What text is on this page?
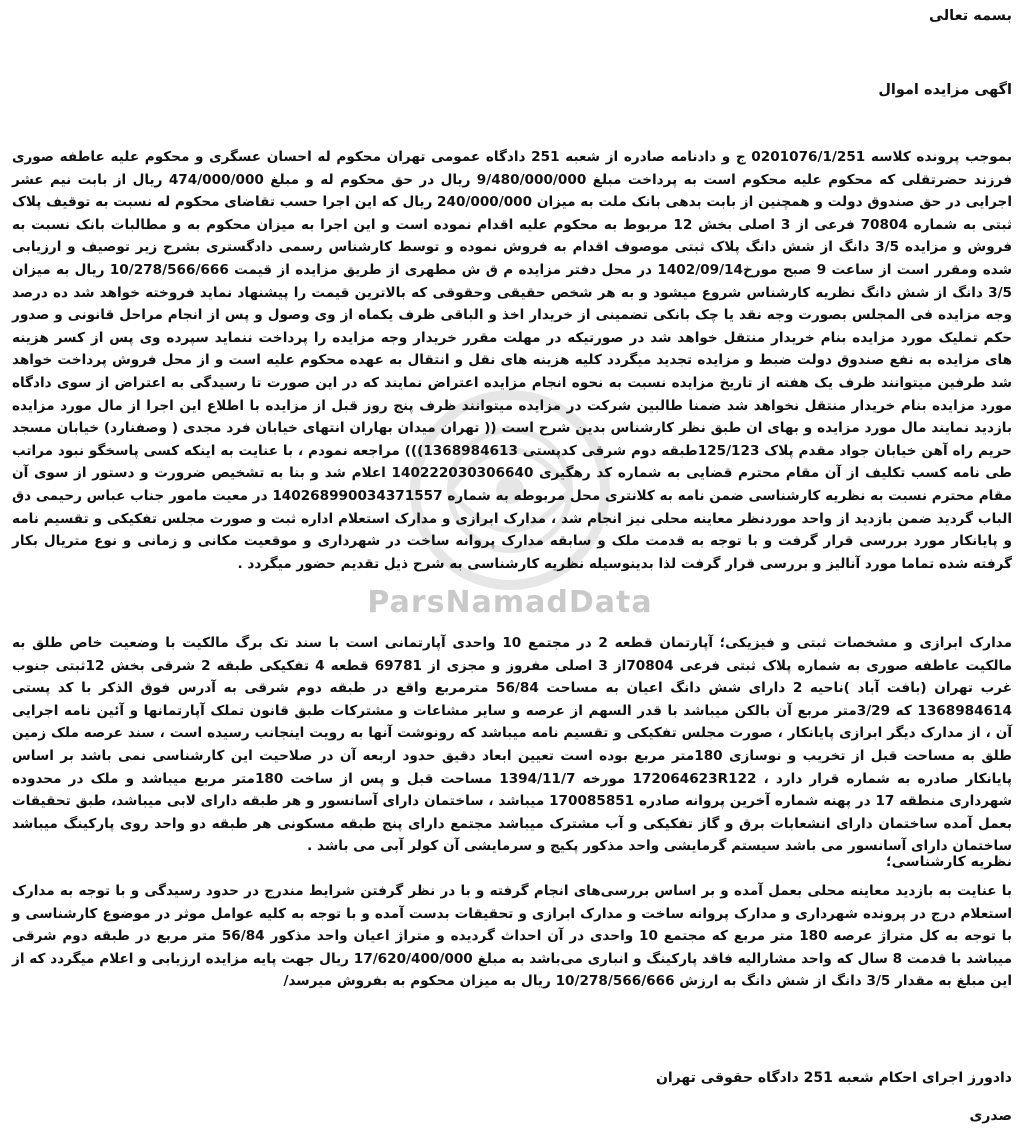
ParsNamadData
بسمه تعالی
اگهی مزایده اموال
بموجب پرونده کلاسه 0201076/1/251 ج و دادنامه صادره از شعبه 251 دادگاه عمومی تهران محکوم له احسان عسگری و محکوم علیه عاطفه صوری فرزند حضرتقلی که محکوم علیه محکوم است به پرداخت مبلغ 9/480/000/000 ریال در حق محکوم له و مبلغ 474/000/000 ریال از بابت نیم عشر اجرایی در حق صندوق دولت و همچنین از بابت بدهی بانک ملت به میزان 240/000/000 ریال که این اجرا حسب تقاضای محکوم له نسبت به توقیف پلاک ثبتی به شماره 70804 فرعی از 3 اصلی بخش 12 مربوط به محکوم علیه اقدام نموده است و این اجرا به میزان محکوم به و مطالبات بانک نسبت به فروش و مزایده 3/5 دانگ از شش دانگ پلاک ثبتی موصوف اقدام به فروش نموده و توسط کارشناس رسمی دادگستری بشرح زیر توصیف و ارزیابی شده ومقرر است از ساعت 9 صبح مورخ1402/09/14 در محل دفتر مزایده م ق ش مطهری از طریق مزایده از قیمت 10/278/566/666 ریال به میزان 3/5 دانگ از شش دانگ نظریه کارشناس شروع میشود و به هر شخص حقیقی وحقوقی که بالاترین قیمت را پیشنهاد نماید فروخته خواهد شد ده درصد وجه مزایده فی المجلس بصورت وجه نقد یا چک بانکی تضمینی از خریدار اخذ و الباقی ظرف یکماه از وی وصول و پس از انجام مراحل قانونی و صدور حکم تملیک مورد مزایده بنام خریدار منتقل خواهد شد در صورتیکه در مهلت مقرر خریدار وجه مزایده را پرداخت ننماید سپرده وی پس از کسر هزینه های مزایده به نفع صندوق دولت ضبط و مزایده تجدید میگردد کلیه هزینه های نقل و انتقال به عهده محکوم علیه است و از محل فروش پرداخت خواهد شد طرفین میتوانند ظرف یک هفته از تاریخ مزایده نسبت به نحوه انجام مزایده اعتراض نمایند که در این صورت تا رسیدگی به اعتراض از سوی دادگاه مورد مزایده بنام خریدار منتقل نخواهد شد ضمنا طالبین شرکت در مزایده میتوانند ظرف پنج روز قبل از مزایده با اطلاع این اجرا از مال مورد مزایده بازدید نمایند مال مورد مزایده و بهای ان طبق نظر کارشناس بدین شرح است (( تهران میدان بهاران انتهای خیابان فرد مجدی ( وصفنارد) خیابان مسجد حریم راه آهن خیابان جواد مقدم پلاک 125/123طبقه دوم شرقی کدپستی 1368984613))) مراجعه نمودم ، با عنایت به اینکه کسی پاسخگو نبود مراتب طی نامه کسب تکلیف از آن مقام محترم قضایی به شماره کد رهگیری 140222030306640 اعلام شد و بنا به تشخیص ضرورت و دستور از سوی آن مقام محترم نسبت به نظریه کارشناسی ضمن نامه به کلانتری محل مربوطه به شماره 140268990034371557 در معیت مامور جناب عباس رحیمی دق الباب گردید ضمن بازدید از واحد موردنظر معاینه محلی نیز انجام شد ، مدارک ابرازی و مدارک استعلام اداره ثبت و صورت مجلس تفکیکی و تقسیم نامه و پایانکار مورد بررسی قرار گرفت و با توجه به قدمت ملک و سابقه مدارک پروانه ساخت در شهرداری و موقعیت مکانی و زمانی و نوع متریال بکار گرفته شده تماما مورد آنالیز و بررسی قرار گرفت لذا بدینوسیله نظریه کارشناسی به شرح ذیل تقدیم حضور میگردد .
مدارک ابرازی و مشخصات ثبتی و فیزیکی؛ آپارتمان قطعه 2 در مجتمع 10 واحدی آپارتمانی است با سند تک برگ مالکیت با وضعیت خاص طلق به مالکیت عاطفه صوری به شماره پلاک ثبتی فرعی 70804از 3 اصلی مفروز و مجزی از 69781 قطعه 4 تفکیکی طبقه 2 شرقی بخش 12ثبتی جنوب غرب تهران (بافت آباد )ناحیه 2 دارای شش دانگ اعیان به مساحت 56/84 مترمربع واقع در طبقه دوم شرقی به آدرس فوق الذکر با کد پستی 1368984614 که 3/29متر مربع آن بالکن میباشد با قدر السهم از عرصه و سایر مشاعات و مشترکات طبق قانون تملک آپارتمانها و آئین نامه اجرایی آن ، از مدارک دیگر ابرازی پایانکار ، صورت مجلس تفکیکی و تقسیم نامه میباشد که رونوشت آنها به رویت اینجانب رسیده است ، سند عرصه ملک زمین طلق به مساحت قبل از تخریب و نوسازی 180متر مربع بوده است تعیین ابعاد دقیق حدود اربعه آن در صلاحیت این کارشناسی نمی باشد بر اساس پایانکار صادره به شماره قرار دارد ، 172064623R122 مورخه 1394/11/7 مساحت قبل و پس از ساخت 180متر مربع میباشد و ملک در محدوده شهرداری منطقه 17 در پهنه شماره آخرین پروانه صادره 170085851 میباشد ، ساختمان دارای آسانسور و هر طبقه دارای لابی میباشد، طبق تحقیقات بعمل آمده ساختمان دارای انشعابات برق و گاز تفکیکی و آب مشترک میباشد مجتمع دارای پنج طبقه مسکونی هر طبقه دو واحد روی پارکینگ میباشد ساختمان دارای آسانسور می باشد سیستم گرمایشی واحد مذکور پکیج و سرمایشی آن کولر آبی می باشد .
نظریه کارشناسی؛
با عنایت به بازدید معاینه محلی بعمل آمده و بر اساس بررسی‌های انجام گرفته و با در نظر گرفتن شرایط مندرج در حدود رسیدگی و با توجه به مدارک استعلام درج در پرونده شهرداری و مدارک پروانه ساخت و مدارک ابرازی و تحقیقات بدست آمده و با توجه به کلیه عوامل موثر در موضوع کارشناسی و با توجه به کل متراژ عرصه 180 متر مربع که مجتمع 10 واحدی در آن احداث گردیده و متراژ اعیان واحد مذکور 56/84 متر مربع در طبقه دوم شرقی میباشد با قدمت 8 سال که واحد مشارالیه فاقد پارکینگ و انباری می‌باشد به مبلغ 17/620/400/000 ریال جهت پایه مزایده ارزیابی و اعلام میگردد که از این مبلغ به مقدار 3/5 دانگ از شش دانگ به ارزش 10/278/566/666 ریال به میزان محکوم به بفروش میرسد/
دادورز اجرای احکام شعبه 251 دادگاه حقوقی تهران
صدری
